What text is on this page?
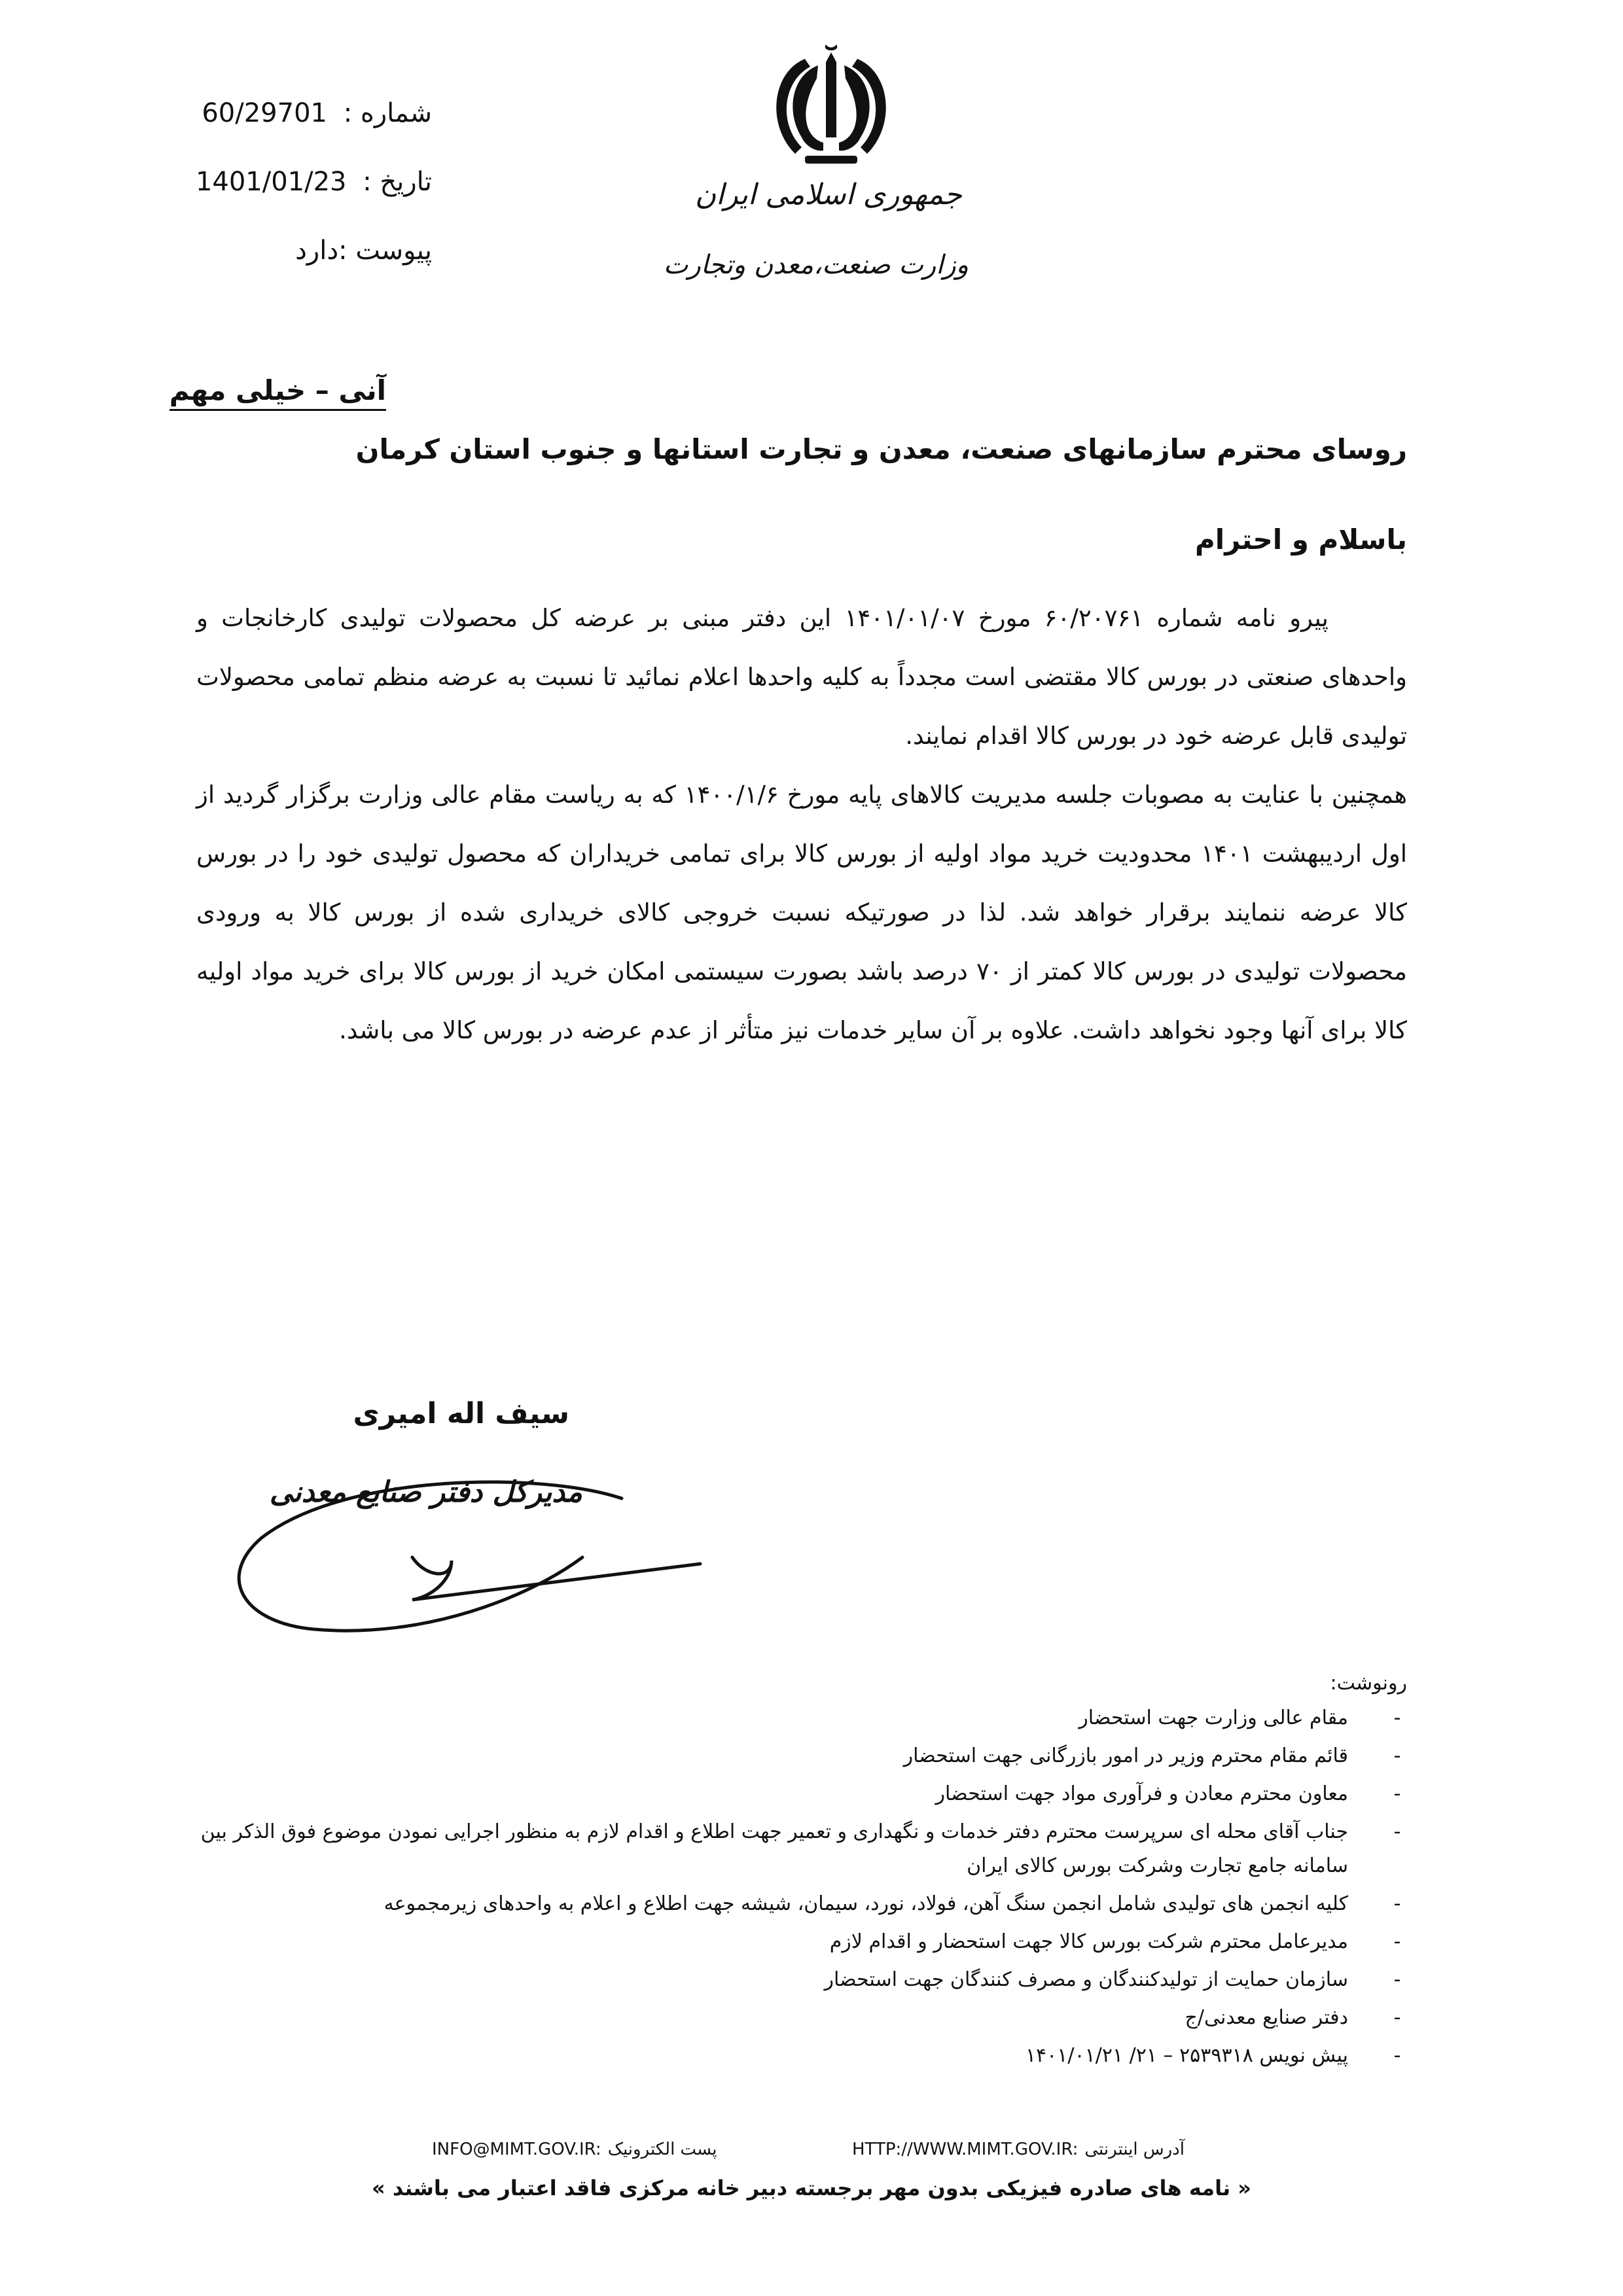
شماره : 60/29701
تاریخ : 1401/01/23
پیوست :دارد
جمهوری اسلامی ایران
وزارت صنعت،معدن وتجارت
آنی – خیلی مهم
روسای محترم سازمانهای صنعت، معدن و تجارت استانها و جنوب استان کرمان
باسلام و احترام

پیرو نامه شماره ۶۰/۲۰۷۶۱ مورخ ۱۴۰۱/۰۱/۰۷ این دفتر مبنی بر عرضه کل محصولات تولیدی کارخانجات و واحدهای صنعتی در بورس کالا مقتضی است مجدداً به کلیه واحدها اعلام نمائید تا نسبت به عرضه منظم تمامی محصولات تولیدی قابل عرضه خود در بورس کالا اقدام نمایند.

همچنین با عنایت به مصوبات جلسه مدیریت کالاهای پایه مورخ ۱۴۰۰/۱/۶ که به ریاست مقام عالی وزارت برگزار گردید از اول اردیبهشت ۱۴۰۱ محدودیت خرید مواد اولیه از بورس کالا برای تمامی خریداران که محصول تولیدی خود را در بورس کالا عرضه ننمایند برقرار خواهد شد. لذا در صورتیکه نسبت خروجی کالای خریداری شده از بورس کالا به ورودی محصولات تولیدی در بورس کالا کمتر از ۷۰ درصد باشد بصورت سیستمی امکان خرید از بورس کالا برای خرید مواد اولیه کالا برای آنها وجود نخواهد داشت. علاوه بر آن سایر خدمات نیز متأثر از عدم عرضه در بورس کالا می باشد.

سیف اله امیری
مدیرکل دفتر صنایع معدنی
رونوشت:
-
مقام عالی وزارت جهت استحضار
-
قائم مقام محترم وزیر در امور بازرگانی جهت استحضار
-
معاون محترم معادن و فرآوری مواد جهت استحضار
-
جناب آقای محله ای سرپرست محترم دفتر خدمات و نگهداری و تعمیر جهت اطلاع و اقدام لازم به منظور اجرایی نمودن موضوع فوق الذکر بین سامانه جامع تجارت وشرکت بورس کالای ایران
-
کلیه انجمن های تولیدی شامل انجمن سنگ آهن، فولاد، نورد، سیمان، شیشه جهت اطلاع و اعلام به واحدهای زیرمجموعه
-
مدیرعامل محترم شرکت بورس کالا جهت استحضار و اقدام لازم
-
سازمان حمایت از تولیدکنندگان و مصرف کنندگان جهت استحضار
-
دفتر صنایع معدنی/ج
-
پیش نویس ۲۵۳۹۳۱۸ – ۲۱/ ۱۴۰۱/۰۱/۲۱
INFO@MIMT.GOV.IR: پست الکترونیک	HTTP://WWW.MIMT.GOV.IR: آدرس اینترنتی
« نامه های صادره فیزیکی بدون مهر برجسته دبیر خانه مرکزی فاقد اعتبار می باشند »
